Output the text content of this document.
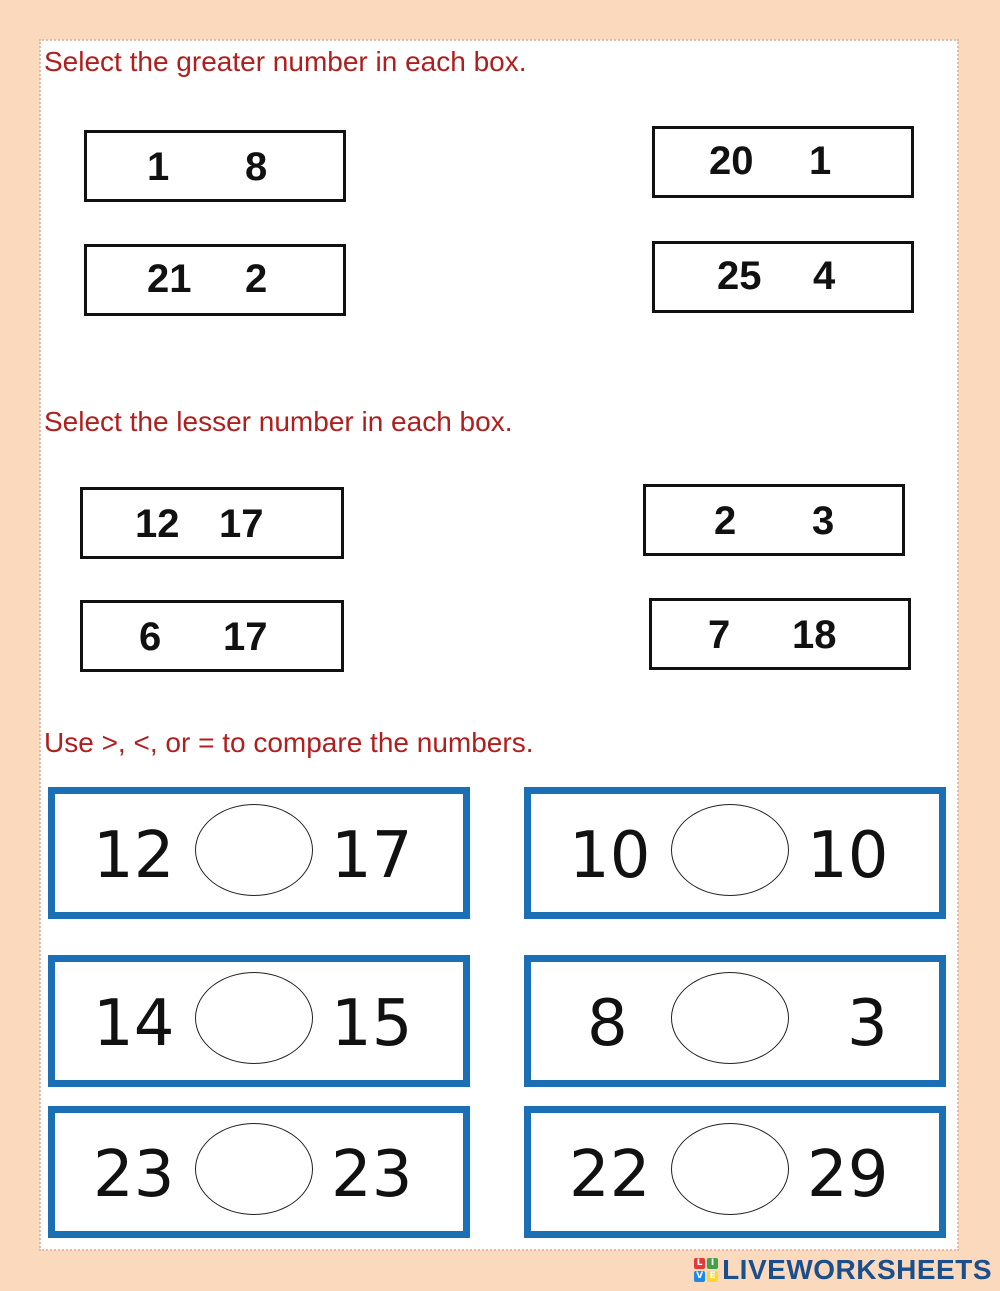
Select the greater number in each box.

1 8	20 1
21 2	25 4

Select the lesser number in each box.

12 17	2 3
6 17	7 18

Use >, <, or = to compare the numbers.

12 17 10 10
14 15	8	3
23 23 22 29
L I
V E LIVEWORKSHEETS
